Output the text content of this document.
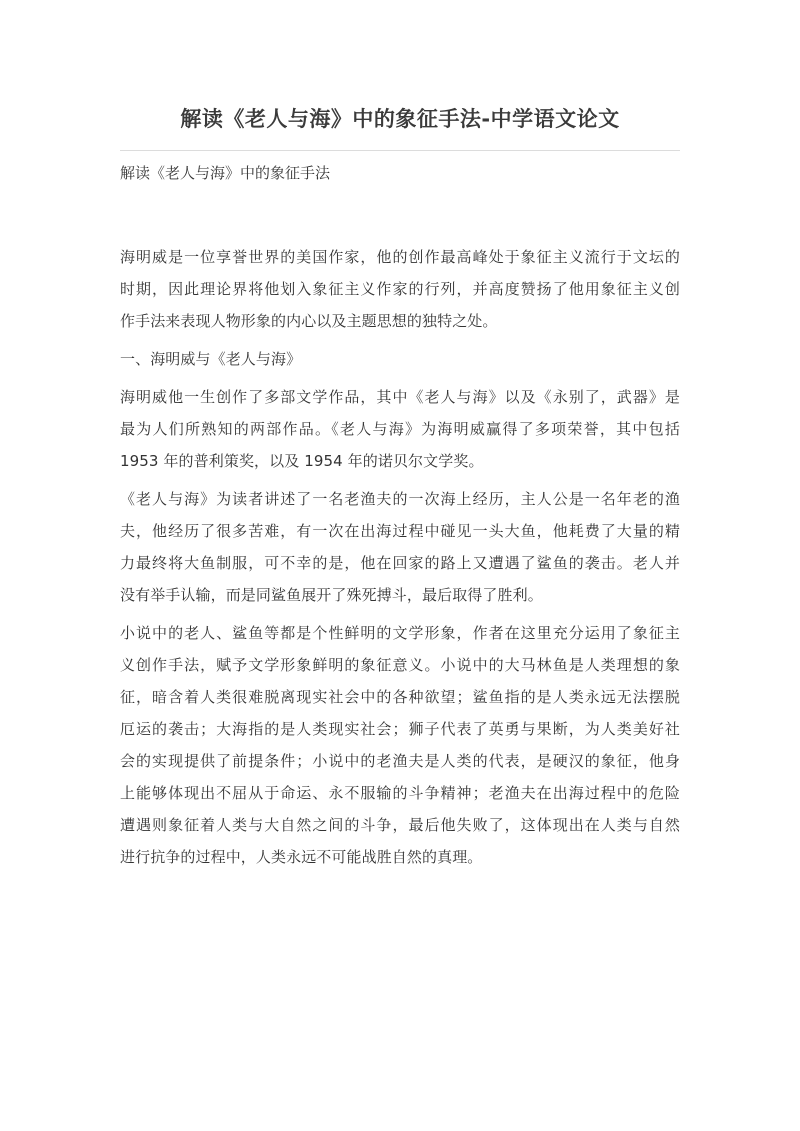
解读《老人与海》中的象征手法-中学语文论文
解读《老人与海》中的象征手法
海明威是一位享誉世界的美国作家，他的创作最高峰处于象征主义流行于文坛的
时期，因此理论界将他划入象征主义作家的行列，并高度赞扬了他用象征主义创
作手法来表现人物形象的内心以及主题思想的独特之处。
一、海明威与《老人与海》
海明威他一生创作了多部文学作品，其中《老人与海》以及《永别了，武器》是
最为人们所熟知的两部作品。《老人与海》为海明威赢得了多项荣誉，其中包括
1953 年的普利策奖，以及 1954 年的诺贝尔文学奖。
《老人与海》为读者讲述了一名老渔夫的一次海上经历，主人公是一名年老的渔
夫，他经历了很多苦难，有一次在出海过程中碰见一头大鱼，他耗费了大量的精
力最终将大鱼制服，可不幸的是，他在回家的路上又遭遇了鲨鱼的袭击。老人并
没有举手认输，而是同鲨鱼展开了殊死搏斗，最后取得了胜利。
小说中的老人、鲨鱼等都是个性鲜明的文学形象，作者在这里充分运用了象征主
义创作手法，赋予文学形象鲜明的象征意义。小说中的大马林鱼是人类理想的象
征，暗含着人类很难脱离现实社会中的各种欲望；鲨鱼指的是人类永远无法摆脱
厄运的袭击；大海指的是人类现实社会；狮子代表了英勇与果断，为人类美好社
会的实现提供了前提条件；小说中的老渔夫是人类的代表，是硬汉的象征，他身
上能够体现出不屈从于命运、永不服输的斗争精神；老渔夫在出海过程中的危险
遭遇则象征着人类与大自然之间的斗争，最后他失败了，这体现出在人类与自然
进行抗争的过程中，人类永远不可能战胜自然的真理。
